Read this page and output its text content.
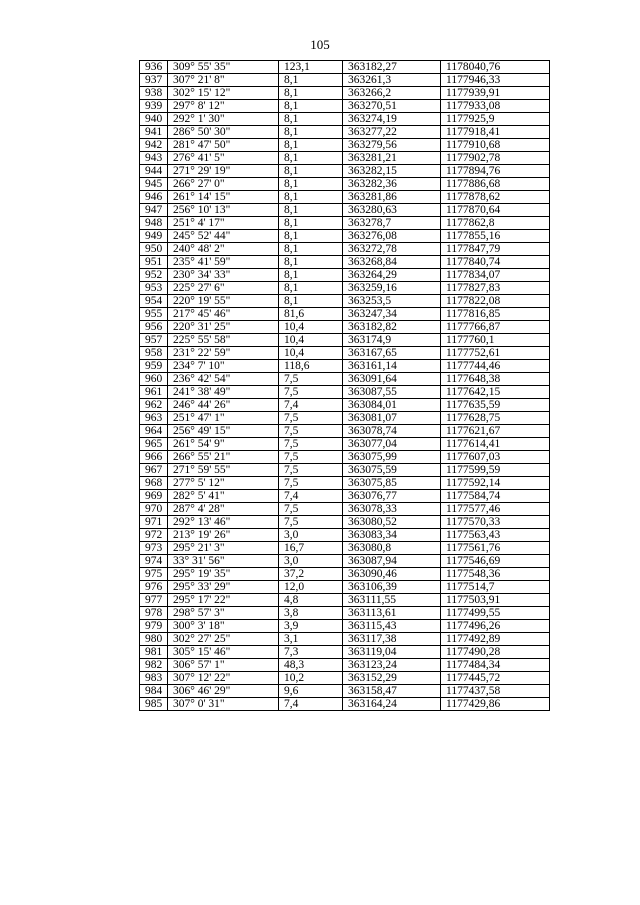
105
936	309° 55' 35"	123,1	363182,27	1178040,76
937	307° 21' 8"	8,1	363261,3	1177946,33
938	302° 15' 12"	8,1	363266,2	1177939,91
939	297° 8' 12"	8,1	363270,51	1177933,08
940	292° 1' 30"	8,1	363274,19	1177925,9
941	286° 50' 30"	8,1	363277,22	1177918,41
942	281° 47' 50"	8,1	363279,56	1177910,68
943	276° 41' 5"	8,1	363281,21	1177902,78
944	271° 29' 19"	8,1	363282,15	1177894,76
945	266° 27' 0"	8,1	363282,36	1177886,68
946	261° 14' 15"	8,1	363281,86	1177878,62
947	256° 10' 13"	8,1	363280,63	1177870,64
948	251° 4' 17"	8,1	363278,7	1177862,8
949	245° 52' 44"	8,1	363276,08	1177855,16
950	240° 48' 2"	8,1	363272,78	1177847,79
951	235° 41' 59"	8,1	363268,84	1177840,74
952	230° 34' 33"	8,1	363264,29	1177834,07
953	225° 27' 6"	8,1	363259,16	1177827,83
954	220° 19' 55"	8,1	363253,5	1177822,08
955	217° 45' 46"	81,6	363247,34	1177816,85
956	220° 31' 25"	10,4	363182,82	1177766,87
957	225° 55' 58"	10,4	363174,9	1177760,1
958	231° 22' 59"	10,4	363167,65	1177752,61
959	234° 7' 10"	118,6	363161,14	1177744,46
960	236° 42' 54"	7,5	363091,64	1177648,38
961	241° 38' 49"	7,5	363087,55	1177642,15
962	246° 44' 26"	7,4	363084,01	1177635,59
963	251° 47' 1"	7,5	363081,07	1177628,75
964	256° 49' 15"	7,5	363078,74	1177621,67
965	261° 54' 9"	7,5	363077,04	1177614,41
966	266° 55' 21"	7,5	363075,99	1177607,03
967	271° 59' 55"	7,5	363075,59	1177599,59
968	277° 5' 12"	7,5	363075,85	1177592,14
969	282° 5' 41"	7,4	363076,77	1177584,74
970	287° 4' 28"	7,5	363078,33	1177577,46
971	292° 13' 46"	7,5	363080,52	1177570,33
972	213° 19' 26"	3,0	363083,34	1177563,43
973	295° 21' 3"	16,7	363080,8	1177561,76
974	33° 31' 56"	3,0	363087,94	1177546,69
975	295° 19' 35"	37,2	363090,46	1177548,36
976	295° 33' 29"	12,0	363106,39	1177514,7
977	295° 17' 22"	4,8	363111,55	1177503,91
978	298° 57' 3"	3,8	363113,61	1177499,55
979	300° 3' 18"	3,9	363115,43	1177496,26
980	302° 27' 25"	3,1	363117,38	1177492,89
981	305° 15' 46"	7,3	363119,04	1177490,28
982	306° 57' 1"	48,3	363123,24	1177484,34
983	307° 12' 22"	10,2	363152,29	1177445,72
984	306° 46' 29"	9,6	363158,47	1177437,58
985	307° 0' 31"	7,4	363164,24	1177429,86
